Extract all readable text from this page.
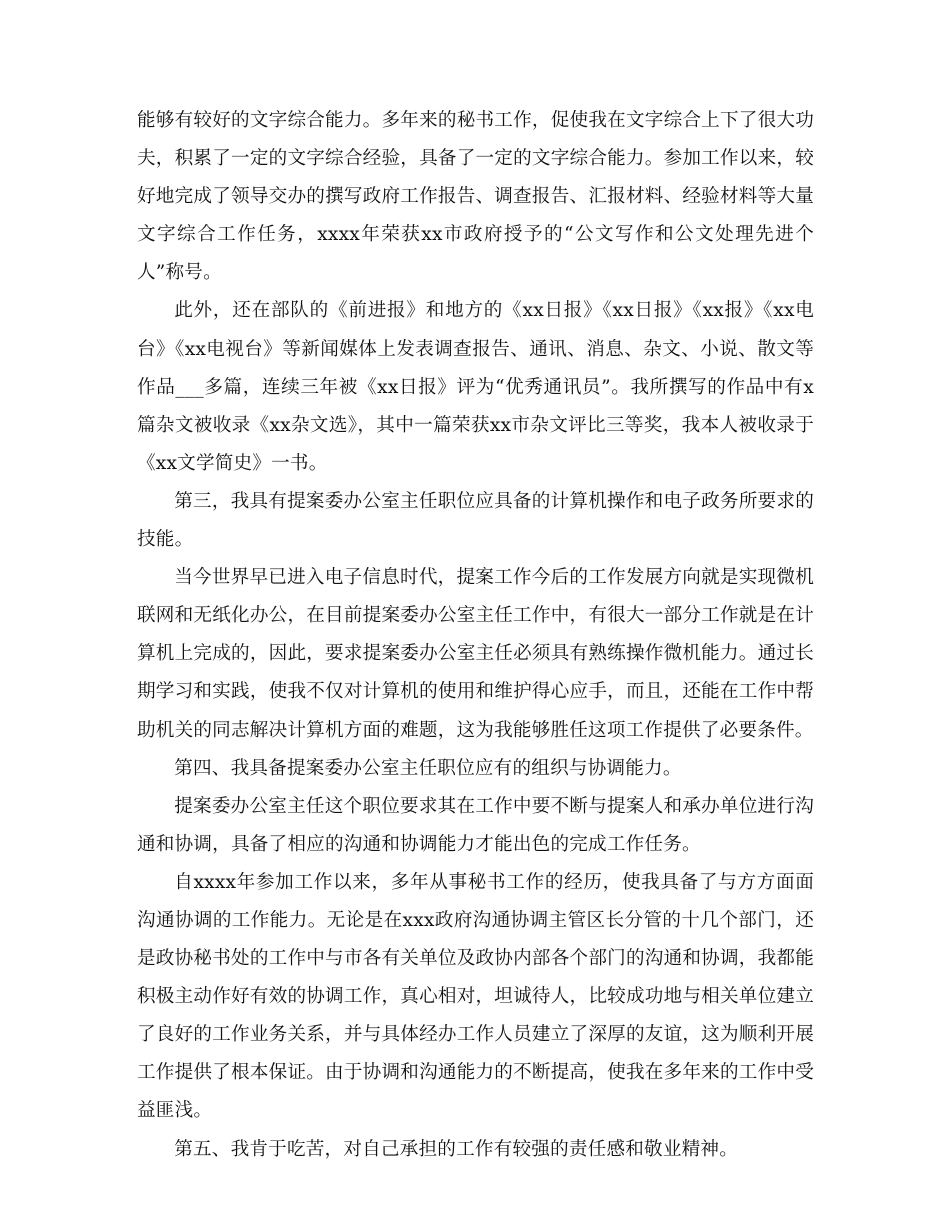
能够有较好的文字综合能力。多年来的秘书工作，促使我在文字综合上下了很大功夫，积累了一定的文字综合经验，具备了一定的文字综合能力。参加工作以来，较好地完成了领导交办的撰写政府工作报告、调查报告、汇报材料、经验材料等大量文字综合工作任务，xxxx年荣获xx市政府授予的“公文写作和公文处理先进个人”称号。

此外，还在部队的《前进报》和地方的《xx日报》《xx日报》《xx报》《xx电台》《xx电视台》等新闻媒体上发表调查报告、通讯、消息、杂文、小说、散文等作品___多篇，连续三年被《xx日报》评为“优秀通讯员”。我所撰写的作品中有x篇杂文被收录《xx杂文选》，其中一篇荣获xx市杂文评比三等奖，我本人被收录于《xx文学简史》一书。

第三，我具有提案委办公室主任职位应具备的计算机操作和电子政务所要求的技能。

当今世界早已进入电子信息时代，提案工作今后的工作发展方向就是实现微机联网和无纸化办公，在目前提案委办公室主任工作中，有很大一部分工作就是在计算机上完成的，因此，要求提案委办公室主任必须具有熟练操作微机能力。通过长期学习和实践，使我不仅对计算机的使用和维护得心应手，而且，还能在工作中帮助机关的同志解决计算机方面的难题，这为我能够胜任这项工作提供了必要条件。

第四、我具备提案委办公室主任职位应有的组织与协调能力。

提案委办公室主任这个职位要求其在工作中要不断与提案人和承办单位进行沟通和协调，具备了相应的沟通和协调能力才能出色的完成工作任务。

自xxxx年参加工作以来，多年从事秘书工作的经历，使我具备了与方方面面沟通协调的工作能力。无论是在xxx政府沟通协调主管区长分管的十几个部门，还是政协秘书处的工作中与市各有关单位及政协内部各个部门的沟通和协调，我都能积极主动作好有效的协调工作，真心相对，坦诚待人，比较成功地与相关单位建立了良好的工作业务关系，并与具体经办工作人员建立了深厚的友谊，这为顺利开展工作提供了根本保证。由于协调和沟通能力的不断提高，使我在多年来的工作中受益匪浅。

第五、我肯于吃苦，对自己承担的工作有较强的责任感和敬业精神。
